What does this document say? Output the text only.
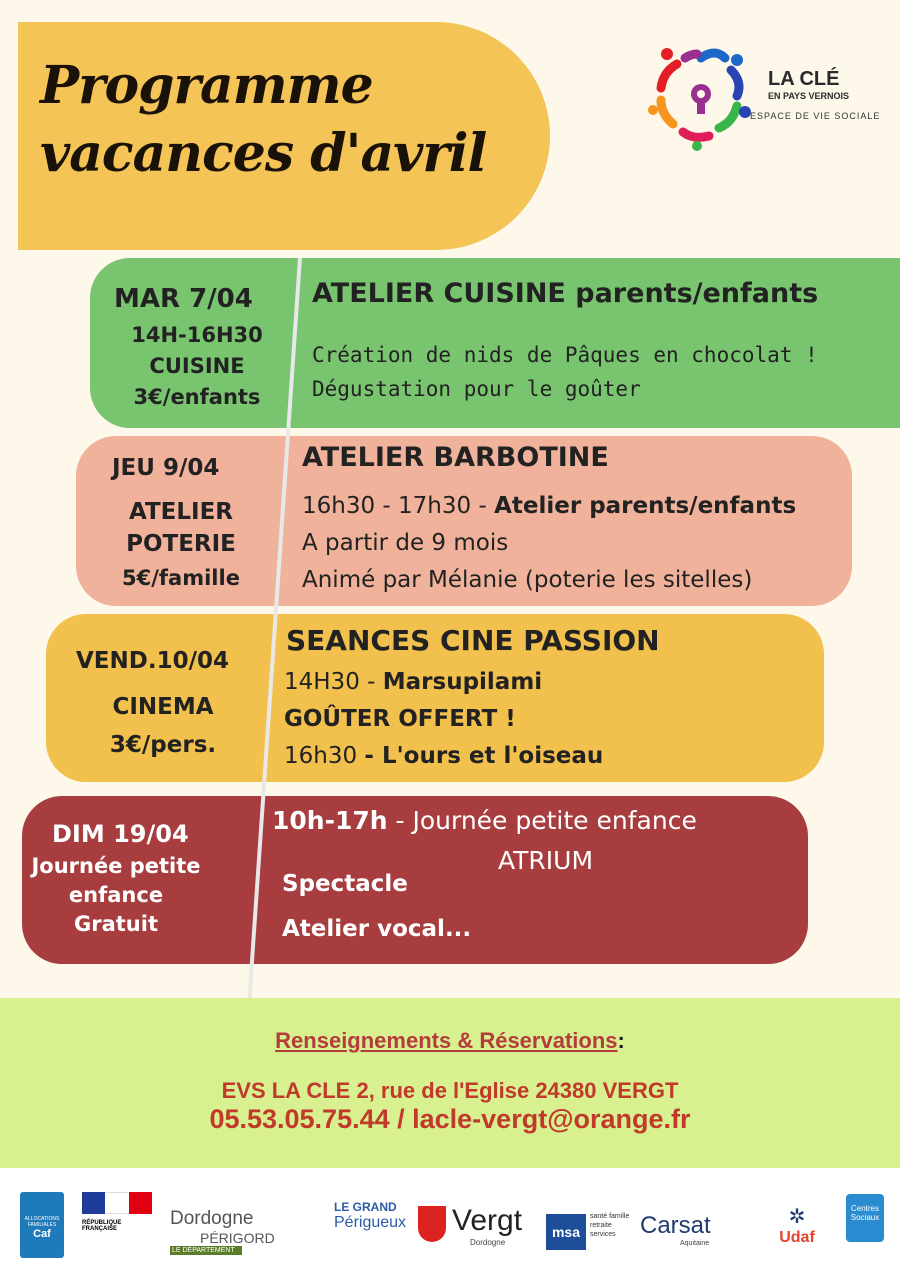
Programme
vacances d'avril
LA CLÉ
EN PAYS VERNOIS
ESPACE DE VIE SOCIALE
MAR 7/04
14H-16H30
CUISINE
3€/enfants
ATELIER CUISINE parents/enfants
Création de nids de Pâques en chocolat !
Dégustation pour le goûter
JEU 9/04
ATELIER
POTERIE
5€/famille
ATELIER BARBOTINE
16h30 - 17h30 - Atelier parents/enfants
A partir de 9 mois
Animé par Mélanie (poterie les sitelles)
VEND.10/04
CINEMA
3€/pers.
SEANCES CINE PASSION
14H30 - Marsupilami
GOÛTER OFFERT !
16h30 - L'ours et l'oiseau
DIM 19/04
Journée petite
enfance
Gratuit
10h-17h - Journée petite enfance
ATRIUM
Spectacle
Atelier vocal...
Renseignements & Réservations:
EVS LA CLE 2, rue de l'Eglise 24380 VERGT
05.53.05.75.44 / lacle-vergt@orange.fr
ALLOCATIONS FAMILIALES
Caf
RÉPUBLIQUE FRANÇAISE	Dordogne
PÉRIGORD
LE DÉPARTEMENT
LE GRAND
Périgueux Vergt
Dordogne
msa
santé famille retraite services	Carsat
Aquitaine
✲
Udaf
Centres Sociaux
